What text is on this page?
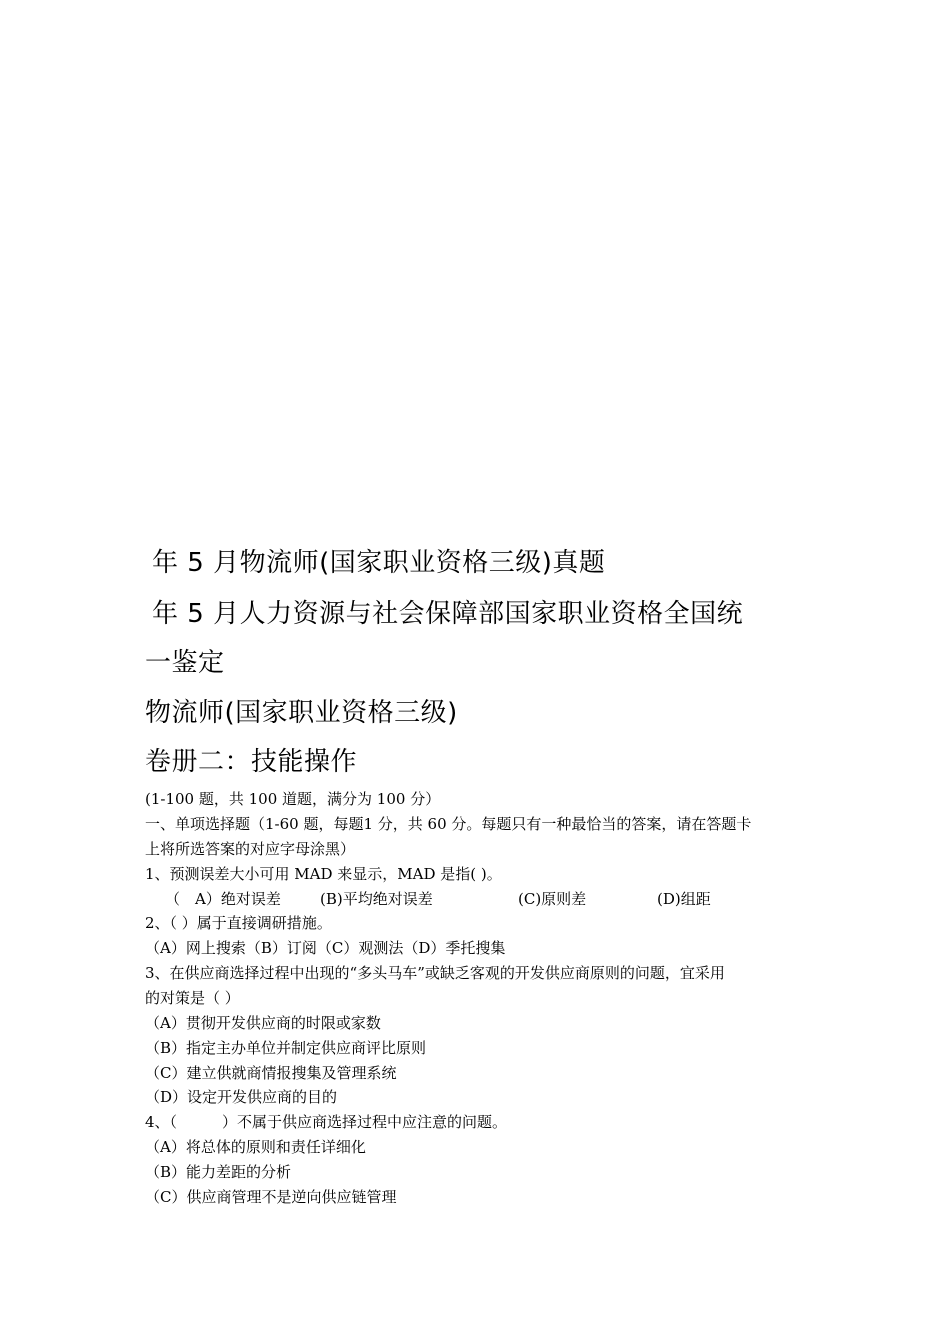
年 5 月物流师(国家职业资格三级)真题
年 5 月人力资源与社会保障部国家职业资格全国统
一鉴定
物流师(国家职业资格三级)
卷册二：技能操作
(1-100 题，共 100 道题，满分为 100 分）
一、单项选择题（1-60 题，每题1 分，共 60 分。每题只有一种最恰当的答案，请在答题卡
上将所选答案的对应字母涂黑）
1、预测误差大小可用 MAD 来显示，MAD 是指( )。
（　A）绝对误差	(B)平均绝对误差	(C)原则差	(D)组距
2、（ ）属于直接调研措施。
（A）网上搜索（B）订阅（C）观测法（D）季托搜集
3、在供应商选择过程中出现的“多头马车”或缺乏客观的开发供应商原则的问题，宜采用
的对策是（ ）
（A）贯彻开发供应商的时限或家数
（B）指定主办单位并制定供应商评比原则
（C）建立供就商情报搜集及管理系统
（D）设定开发供应商的目的
4、（　　　）不属于供应商选择过程中应注意的问题。
（A）将总体的原则和责任详细化
（B）能力差距的分析
（C）供应商管理不是逆向供应链管理
